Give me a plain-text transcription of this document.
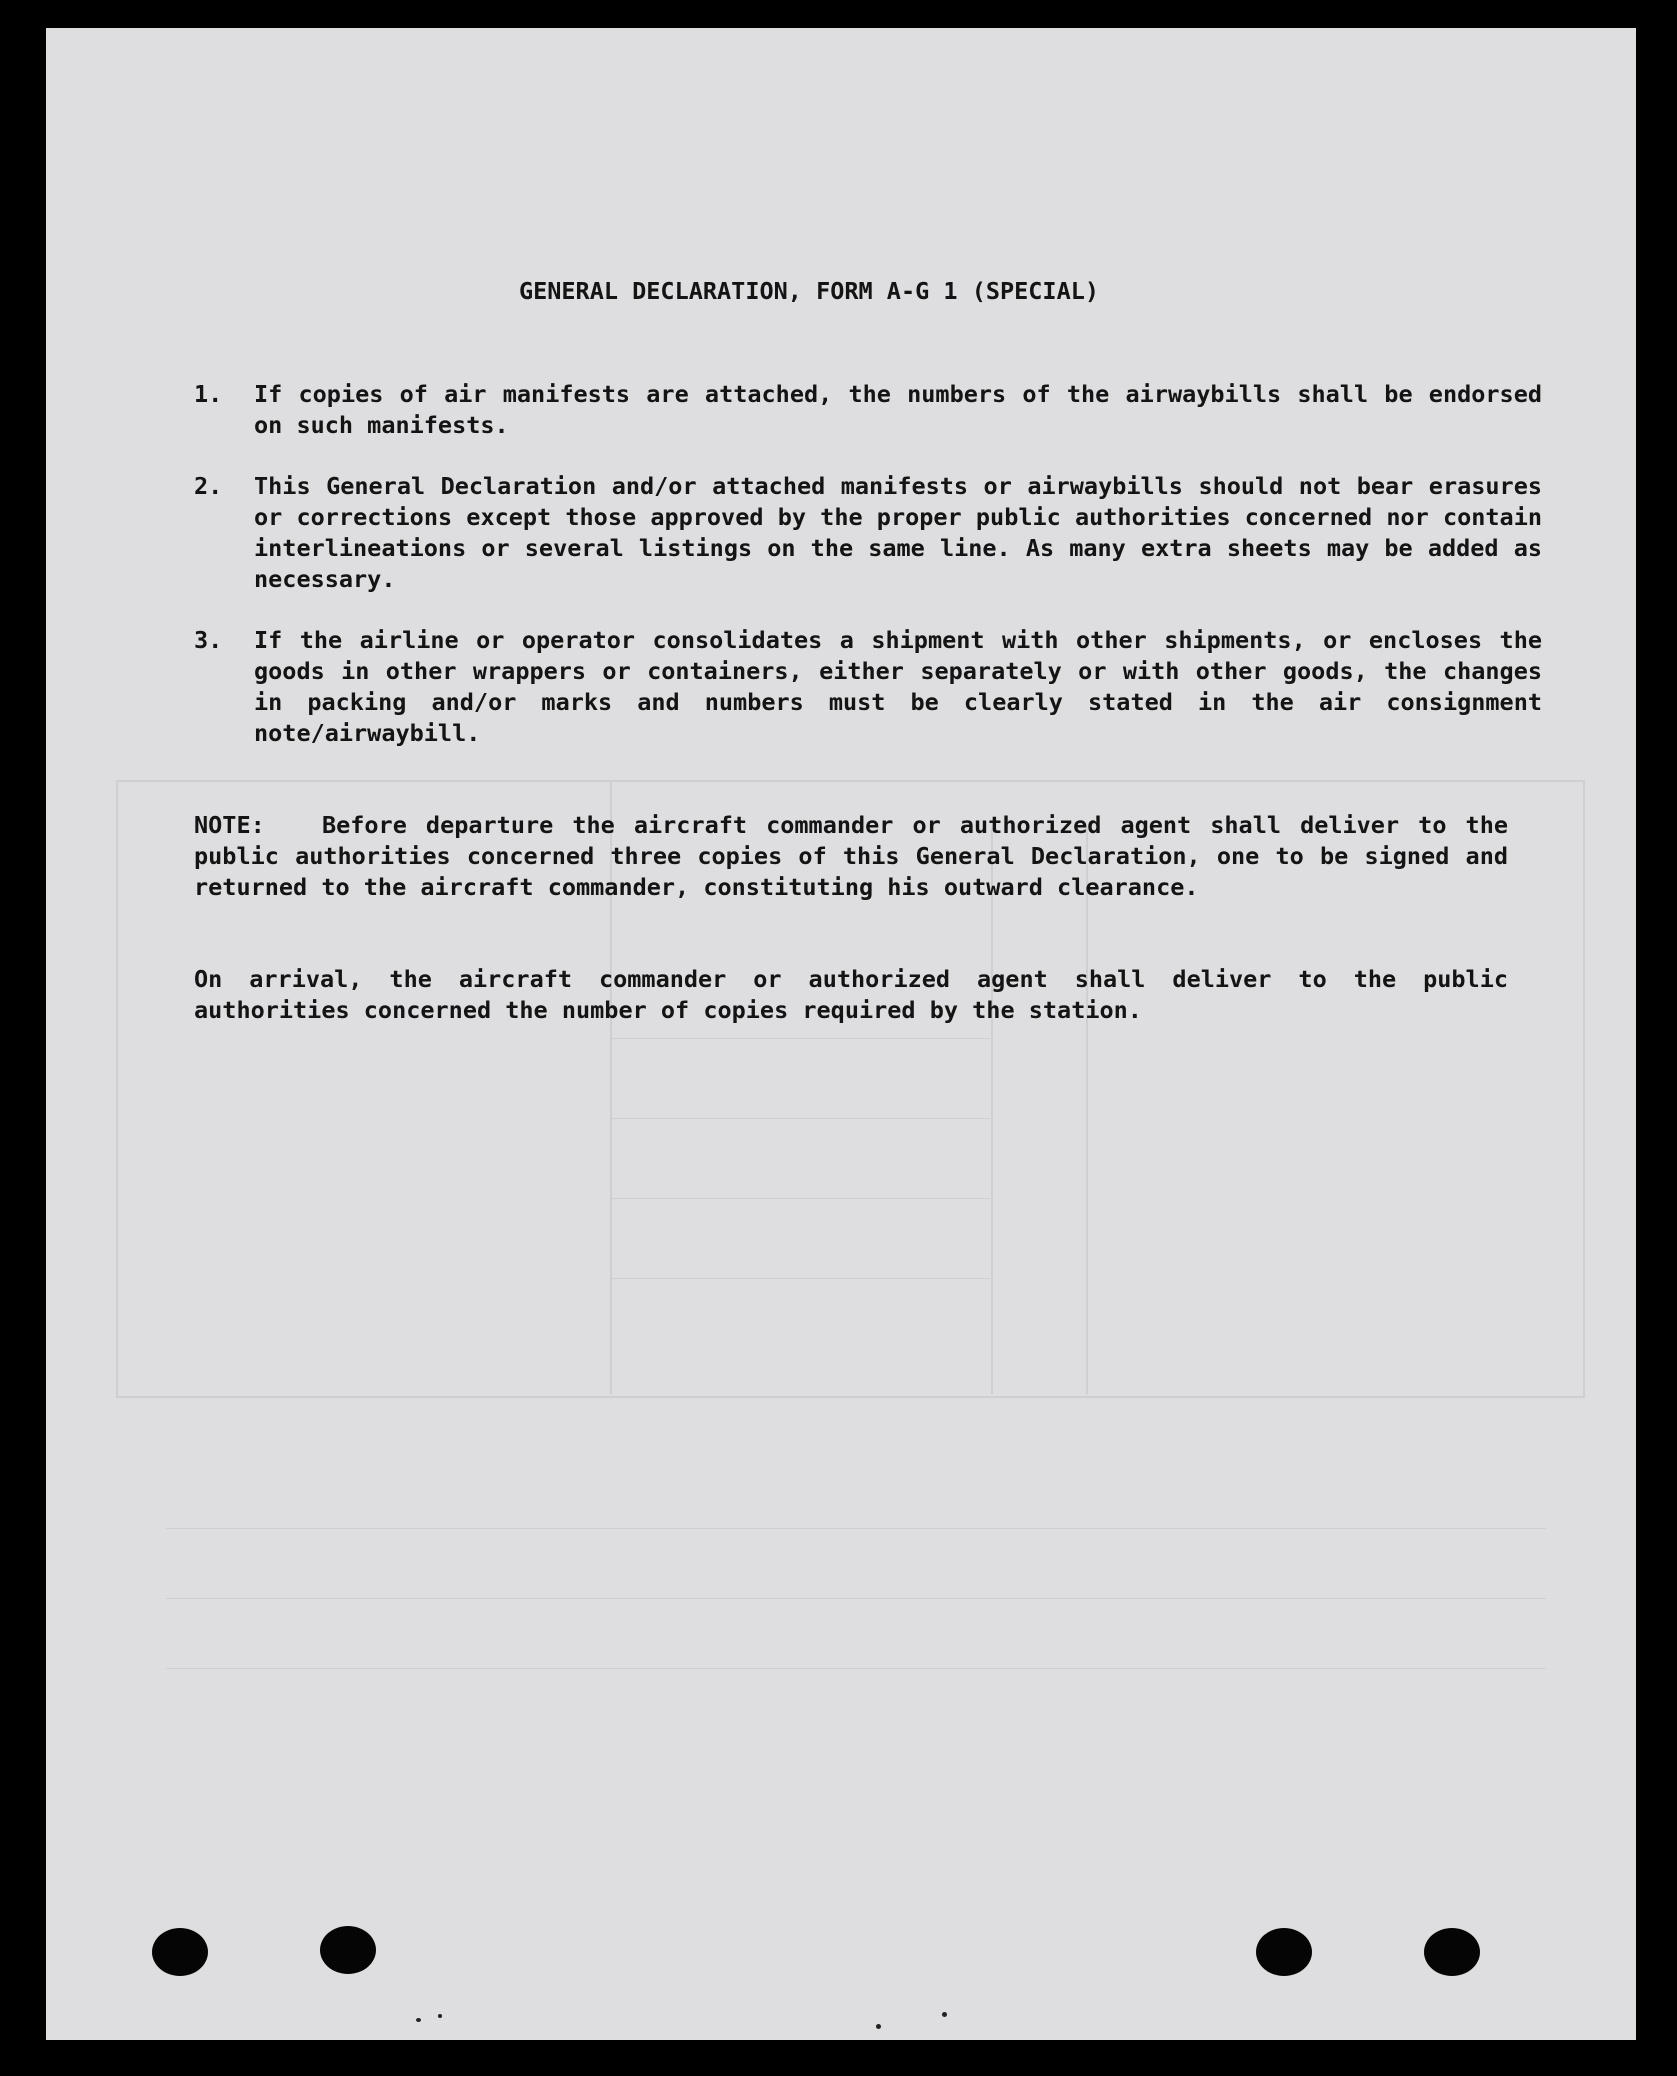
GENERAL DECLARATION, FORM A-G 1 (SPECIAL)
1.	If copies of air manifests are attached, the numbers of the airwaybills shall be endorsed on such manifests.
2.	This General Declaration and/or attached manifests or airwaybills should not bear erasures or corrections except those approved by the proper public authorities concerned nor contain interlineations or several listings on the same line. As many extra sheets may be added as necessary.
3.	If the airline or operator consolidates a shipment with other shipments, or encloses the goods in other wrappers or containers, either separately or with other goods, the changes in packing and/or marks and numbers must be clearly stated in the air consignment note/airwaybill.
NOTE:   Before departure the aircraft commander or authorized agent shall deliver to the public authorities concerned three copies of this General Declaration, one to be signed and returned to the aircraft commander, constituting his outward clearance.
On arrival, the aircraft commander or authorized agent shall deliver to the public authorities concerned the number of copies required by the station.
